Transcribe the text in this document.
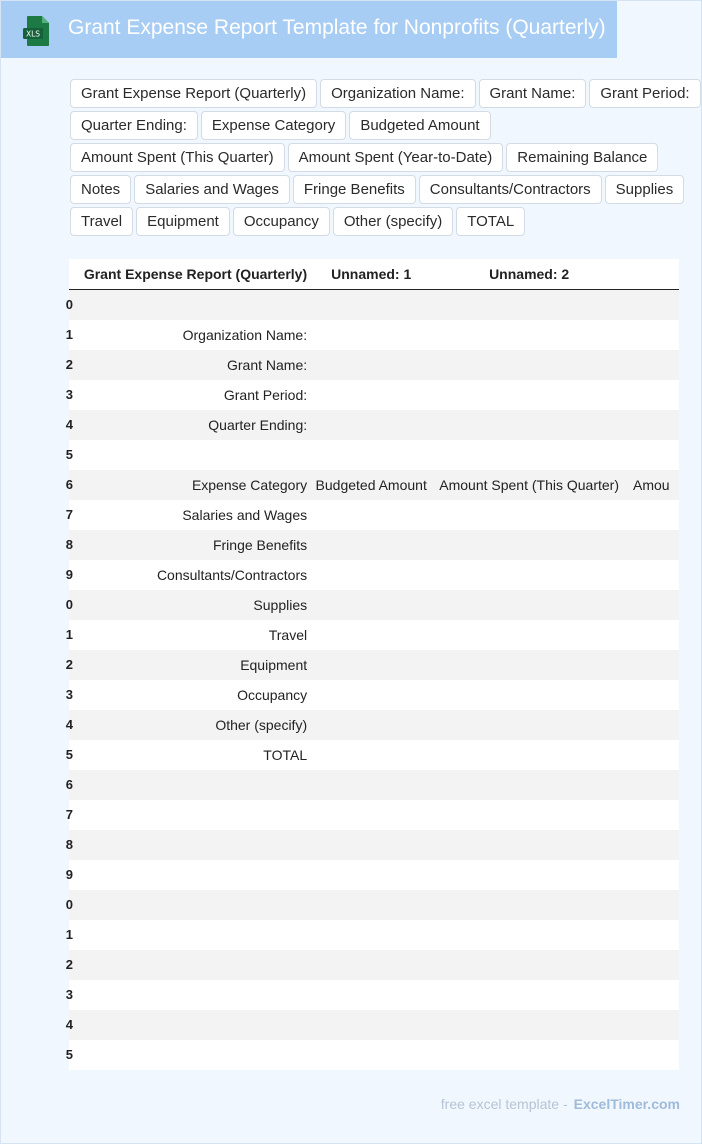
XLS Grant Expense Report Template for Nonprofits (Quarterly)
Grant Expense Report (Quarterly)	Organization Name:	Grant Name:	Grant Period:
Quarter Ending:	Expense Category	Budgeted Amount
Amount Spent (This Quarter)	Amount Spent (Year-to-Date)	Remaining Balance
Notes	Salaries and Wages	Fringe Benefits	Consultants/Contractors	Supplies
Travel	Equipment	Occupancy	Other (specify)	TOTAL
	Grant Expense Report (Quarterly)	Unnamed: 1	Unnamed: 2	

0				

1	Organization Name:			

2	Grant Name:			

3	Grant Period:			

4	Quarter Ending:			

5				

6	Expense Category	Budgeted Amount	Amount Spent (This Quarter)	Amou

7	Salaries and Wages			

8	Fringe Benefits			

9	Consultants/Contractors			

0	Supplies			

1	Travel			

2	Equipment			

3	Occupancy			

4	Other (specify)			

5	TOTAL			

6				

7				

8				

9				

0				

1				

2				

3				

4				

5				

free excel template - ExcelTimer.com
